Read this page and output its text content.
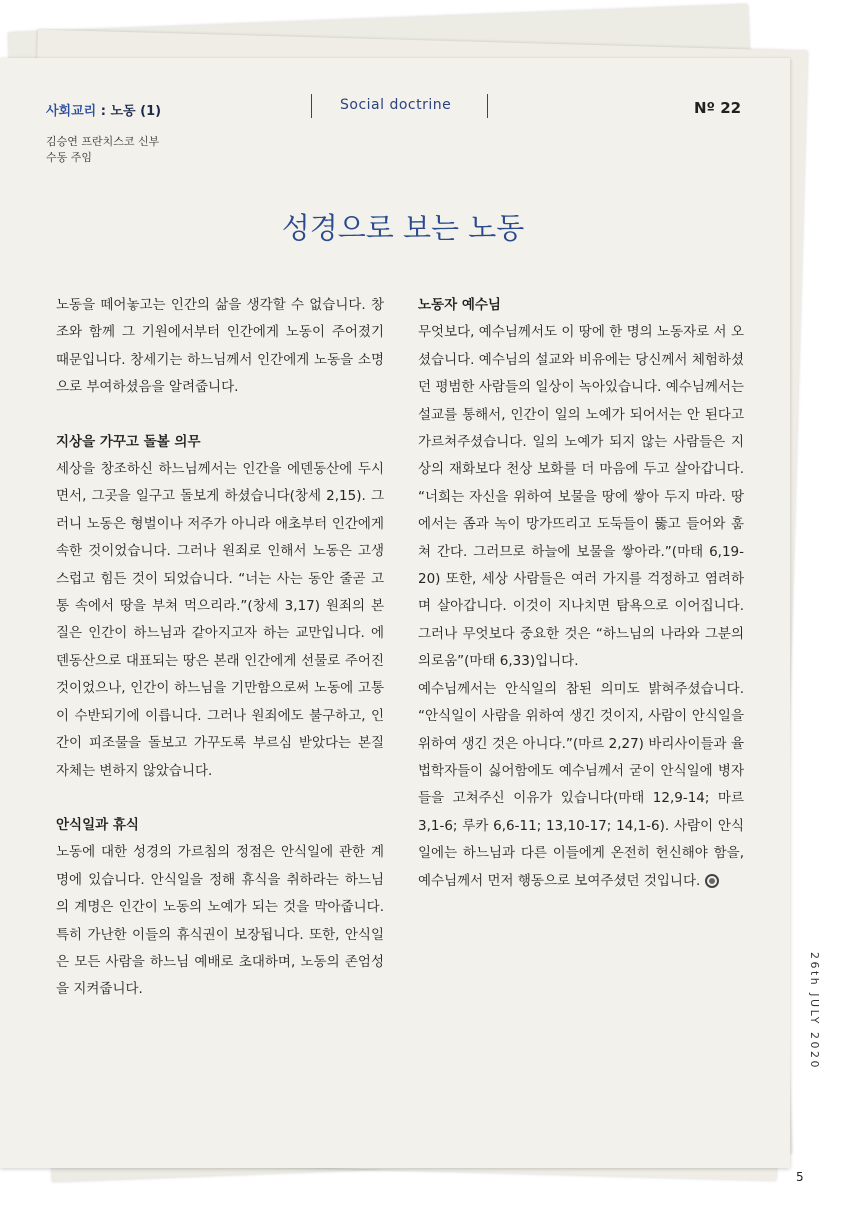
사회교리 : 노동 (1)
김승연 프란치스코 신부
수동 주임
Social doctrine	Nº 22
성경으로 보는 노동

노동을 떼어놓고는 인간의 삶을 생각할 수 없습니다. 창조와 함께 그 기원에서부터 인간에게 노동이 주어졌기 때문입니다. 창세기는 하느님께서 인간에게 노동을 소명으로 부여하셨음을 알려줍니다.

지상을 가꾸고 돌볼 의무

세상을 창조하신 하느님께서는 인간을 에덴동산에 두시면서, 그곳을 일구고 돌보게 하셨습니다(창세 2,15). 그러니 노동은 형벌이나 저주가 아니라 애초부터 인간에게 속한 것이었습니다. 그러나 원죄로 인해서 노동은 고생스럽고 힘든 것이 되었습니다. “너는 사는 동안 줄곧 고통 속에서 땅을 부쳐 먹으리라.”(창세 3,17) 원죄의 본질은 인간이 하느님과 같아지고자 하는 교만입니다. 에덴동산으로 대표되는 땅은 본래 인간에게 선물로 주어진 것이었으나, 인간이 하느님을 기만함으로써 노동에 고통이 수반되기에 이릅니다. 그러나 원죄에도 불구하고, 인간이 피조물을 돌보고 가꾸도록 부르심 받았다는 본질 자체는 변하지 않았습니다.

안식일과 휴식

노동에 대한 성경의 가르침의 정점은 안식일에 관한 계명에 있습니다. 안식일을 정해 휴식을 취하라는 하느님의 계명은 인간이 노동의 노예가 되는 것을 막아줍니다. 특히 가난한 이들의 휴식권이 보장됩니다. 또한, 안식일은 모든 사람을 하느님 예배로 초대하며, 노동의 존엄성을 지켜줍니다.

노동자 예수님

무엇보다, 예수님께서도 이 땅에 한 명의 노동자로 서 오셨습니다. 예수님의 설교와 비유에는 당신께서 체험하셨던 평범한 사람들의 일상이 녹아있습니다. 예수님께서는 설교를 통해서, 인간이 일의 노예가 되어서는 안 된다고 가르쳐주셨습니다. 일의 노예가 되지 않는 사람들은 지상의 재화보다 천상 보화를 더 마음에 두고 살아갑니다. “너희는 자신을 위하여 보물을 땅에 쌓아 두지 마라. 땅에서는 좀과 녹이 망가뜨리고 도둑들이 뚫고 들어와 훔쳐 간다. 그러므로 하늘에 보물을 쌓아라.”(마태 6,19-20) 또한, 세상 사람들은 여러 가지를 걱정하고 염려하며 살아갑니다. 이것이 지나치면 탐욕으로 이어집니다. 그러나 무엇보다 중요한 것은 “하느님의 나라와 그분의 의로움”(마태 6,33)입니다.

예수님께서는 안식일의 참된 의미도 밝혀주셨습니다. “안식일이 사람을 위하여 생긴 것이지, 사람이 안식일을 위하여 생긴 것은 아니다.”(마르 2,27) 바리사이들과 율법학자들이 싫어함에도 예수님께서 굳이 안식일에 병자들을 고쳐주신 이유가 있습니다(마태 12,9-14; 마르 3,1-6; 루카 6,6-11; 13,10-17; 14,1-6). 사람이 안식일에는 하느님과 다른 이들에게 온전히 헌신해야 함을, 예수님께서 먼저 행동으로 보여주셨던 것입니다.

26th JULY 2020
5
